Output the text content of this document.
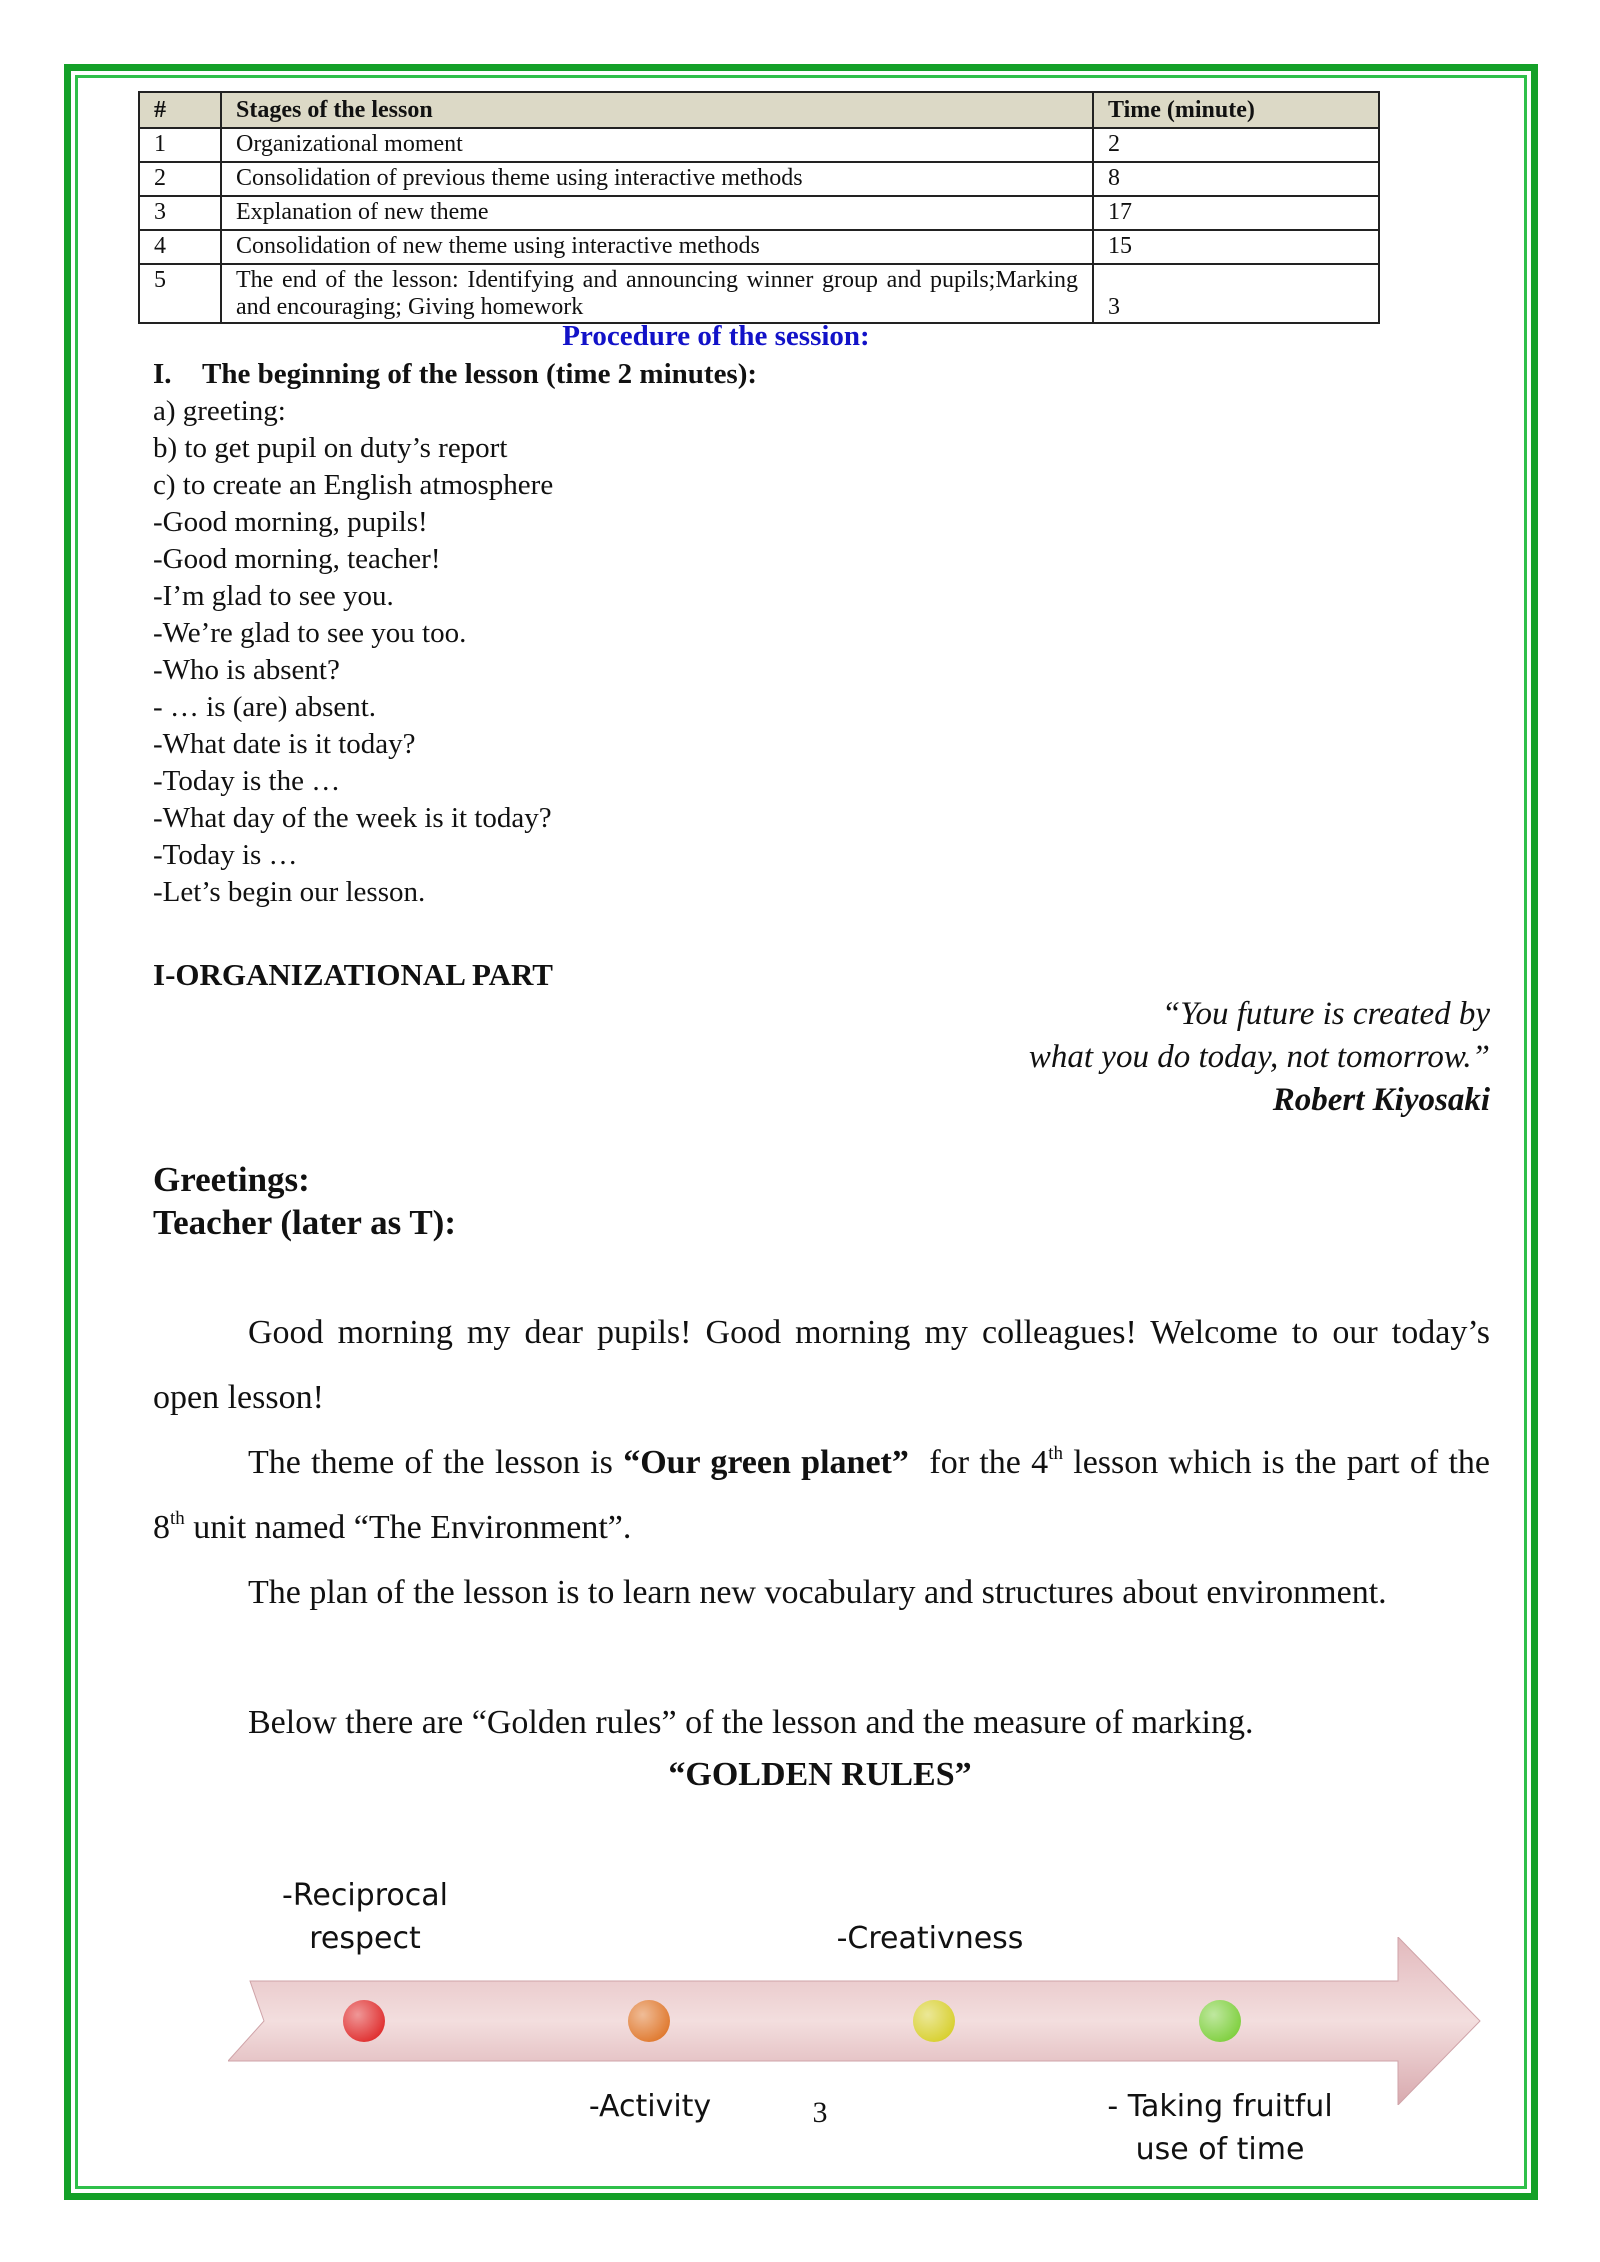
#	Stages of the lesson	Time (minute)
1	Organizational moment	2
2	Consolidation of previous theme using interactive methods	8
3	Explanation of new theme	17
4	Consolidation of new theme using interactive methods	15
5	The end of the lesson: Identifying and announcing winner group and pupils;Marking and encouraging; Giving homework	3
Procedure of the session:
I. The beginning of the lesson (time 2 minutes):
a) greeting:
b) to get pupil on duty’s report
c) to create an English atmosphere
-Good morning, pupils!
-Good morning, teacher!
-I’m glad to see you.
-We’re glad to see you too.
-Who is absent?
- … is (are) absent.
-What date is it today?
-Today is the …
-What day of the week is it today?
-Today is …
-Let’s begin our lesson.
I-ORGANIZATIONAL PART
“You future is created by
what you do today, not tomorrow.”
Robert Kiyosaki
Greetings:
Teacher (later as T):

Good morning my dear pupils! Good morning my colleagues! Welcome to our today’s open lesson!

The theme of the lesson is “Our green planet”  for the 4th lesson which is the part of the 8th unit named “The Environment”.

The plan of the lesson is to learn new vocabulary and structures about environment.

Below there are “Golden rules” of the lesson and the measure of marking.

“GOLDEN RULES”
-Reciprocal
respect	-Creativness
-Activity	- Taking fruitful
use of time
3
